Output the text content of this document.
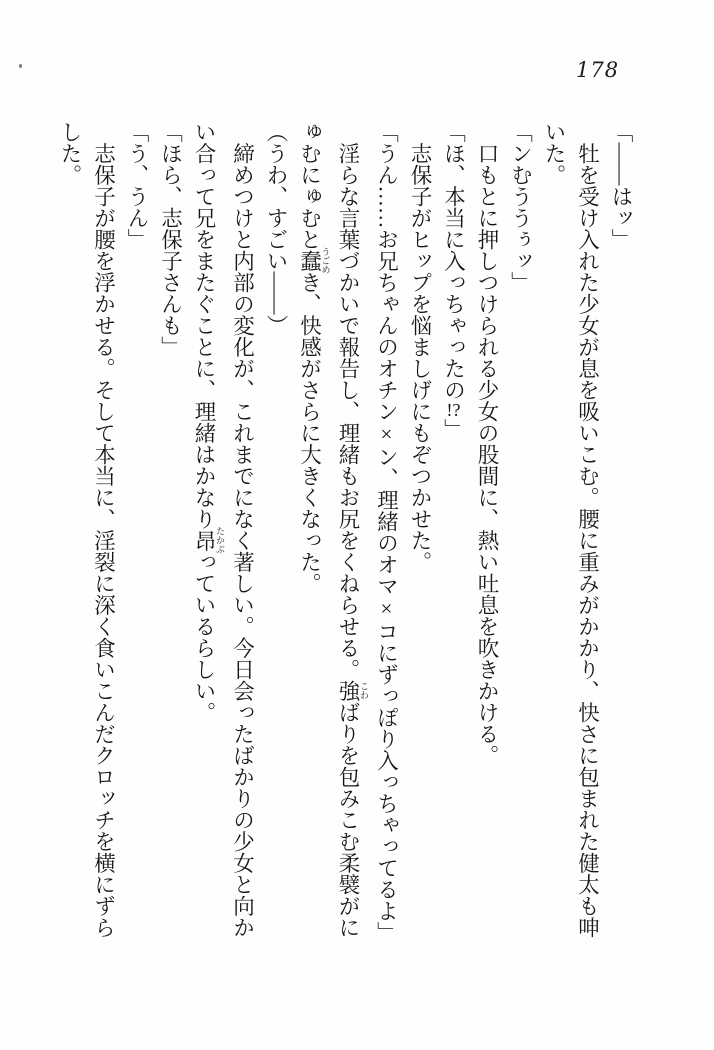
178

「――はッ」

　牡を受け入れた少女が息を吸いこむ。腰に重みがかかり、快さに包まれた健太も呻

いた。

「ンむううぅッ」

　口もとに押しつけられる少女の股間に、熱い吐息を吹きかける。

「ほ、本当に入っちゃったの!?」

　志保子がヒップを悩ましげにもぞつかせた。

「うん……お兄ちゃんのオチン×ン、理緒のオマ×コにずっぽり入っちゃってるよ」

　淫らな言葉づかいで報告し、理緒もお尻をくねらせる。強 こわばりを包みこむ柔襞がに

ゅむにゅむと蠢 うごめき、快感がさらに大きくなった。

（うわ、すごい――）

　締めつけと内部の変化が、これまでになく著しい。今日会ったばかりの少女と向か

い合って兄をまたぐことに、理緒はかなり昂 たかぶっているらしい。

「ほら、志保子さんも」

「う、うん」

　志保子が腰を浮かせる。そして本当に、淫裂に深く食いこんだクロッチを横にずら

した。
